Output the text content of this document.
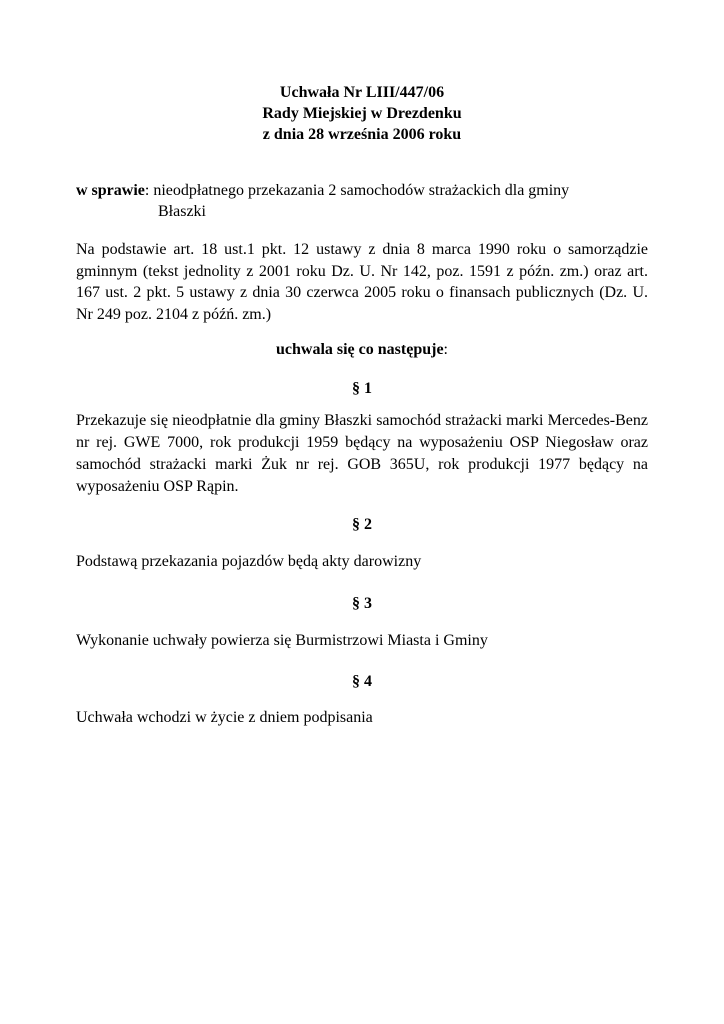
Uchwała Nr LIII/447/06
Rady Miejskiej w Drezdenku
z dnia 28 września 2006 roku
w sprawie: nieodpłatnego przekazania 2 samochodów strażackich dla gminy
Błaszki
Na podstawie art. 18 ust.1 pkt. 12 ustawy z dnia 8 marca 1990 roku o samorządzie gminnym (tekst jednolity z 2001 roku Dz. U. Nr 142, poz. 1591 z późn. zm.) oraz art. 167 ust. 2 pkt. 5 ustawy z dnia 30 czerwca 2005 roku o finansach publicznych (Dz. U. Nr 249 poz. 2104 z późń. zm.)
uchwala się co następuje:
§ 1
Przekazuje się nieodpłatnie dla gminy Błaszki samochód strażacki marki Mercedes-Benz nr rej. GWE 7000, rok produkcji 1959 będący na wyposażeniu OSP Niegosław oraz samochód strażacki marki Żuk nr rej. GOB 365U, rok produkcji 1977 będący na wyposażeniu OSP Rąpin.
§ 2
Podstawą przekazania pojazdów będą akty darowizny
§ 3
Wykonanie uchwały powierza się Burmistrzowi Miasta i Gminy
§ 4
Uchwała wchodzi w życie z dniem podpisania
